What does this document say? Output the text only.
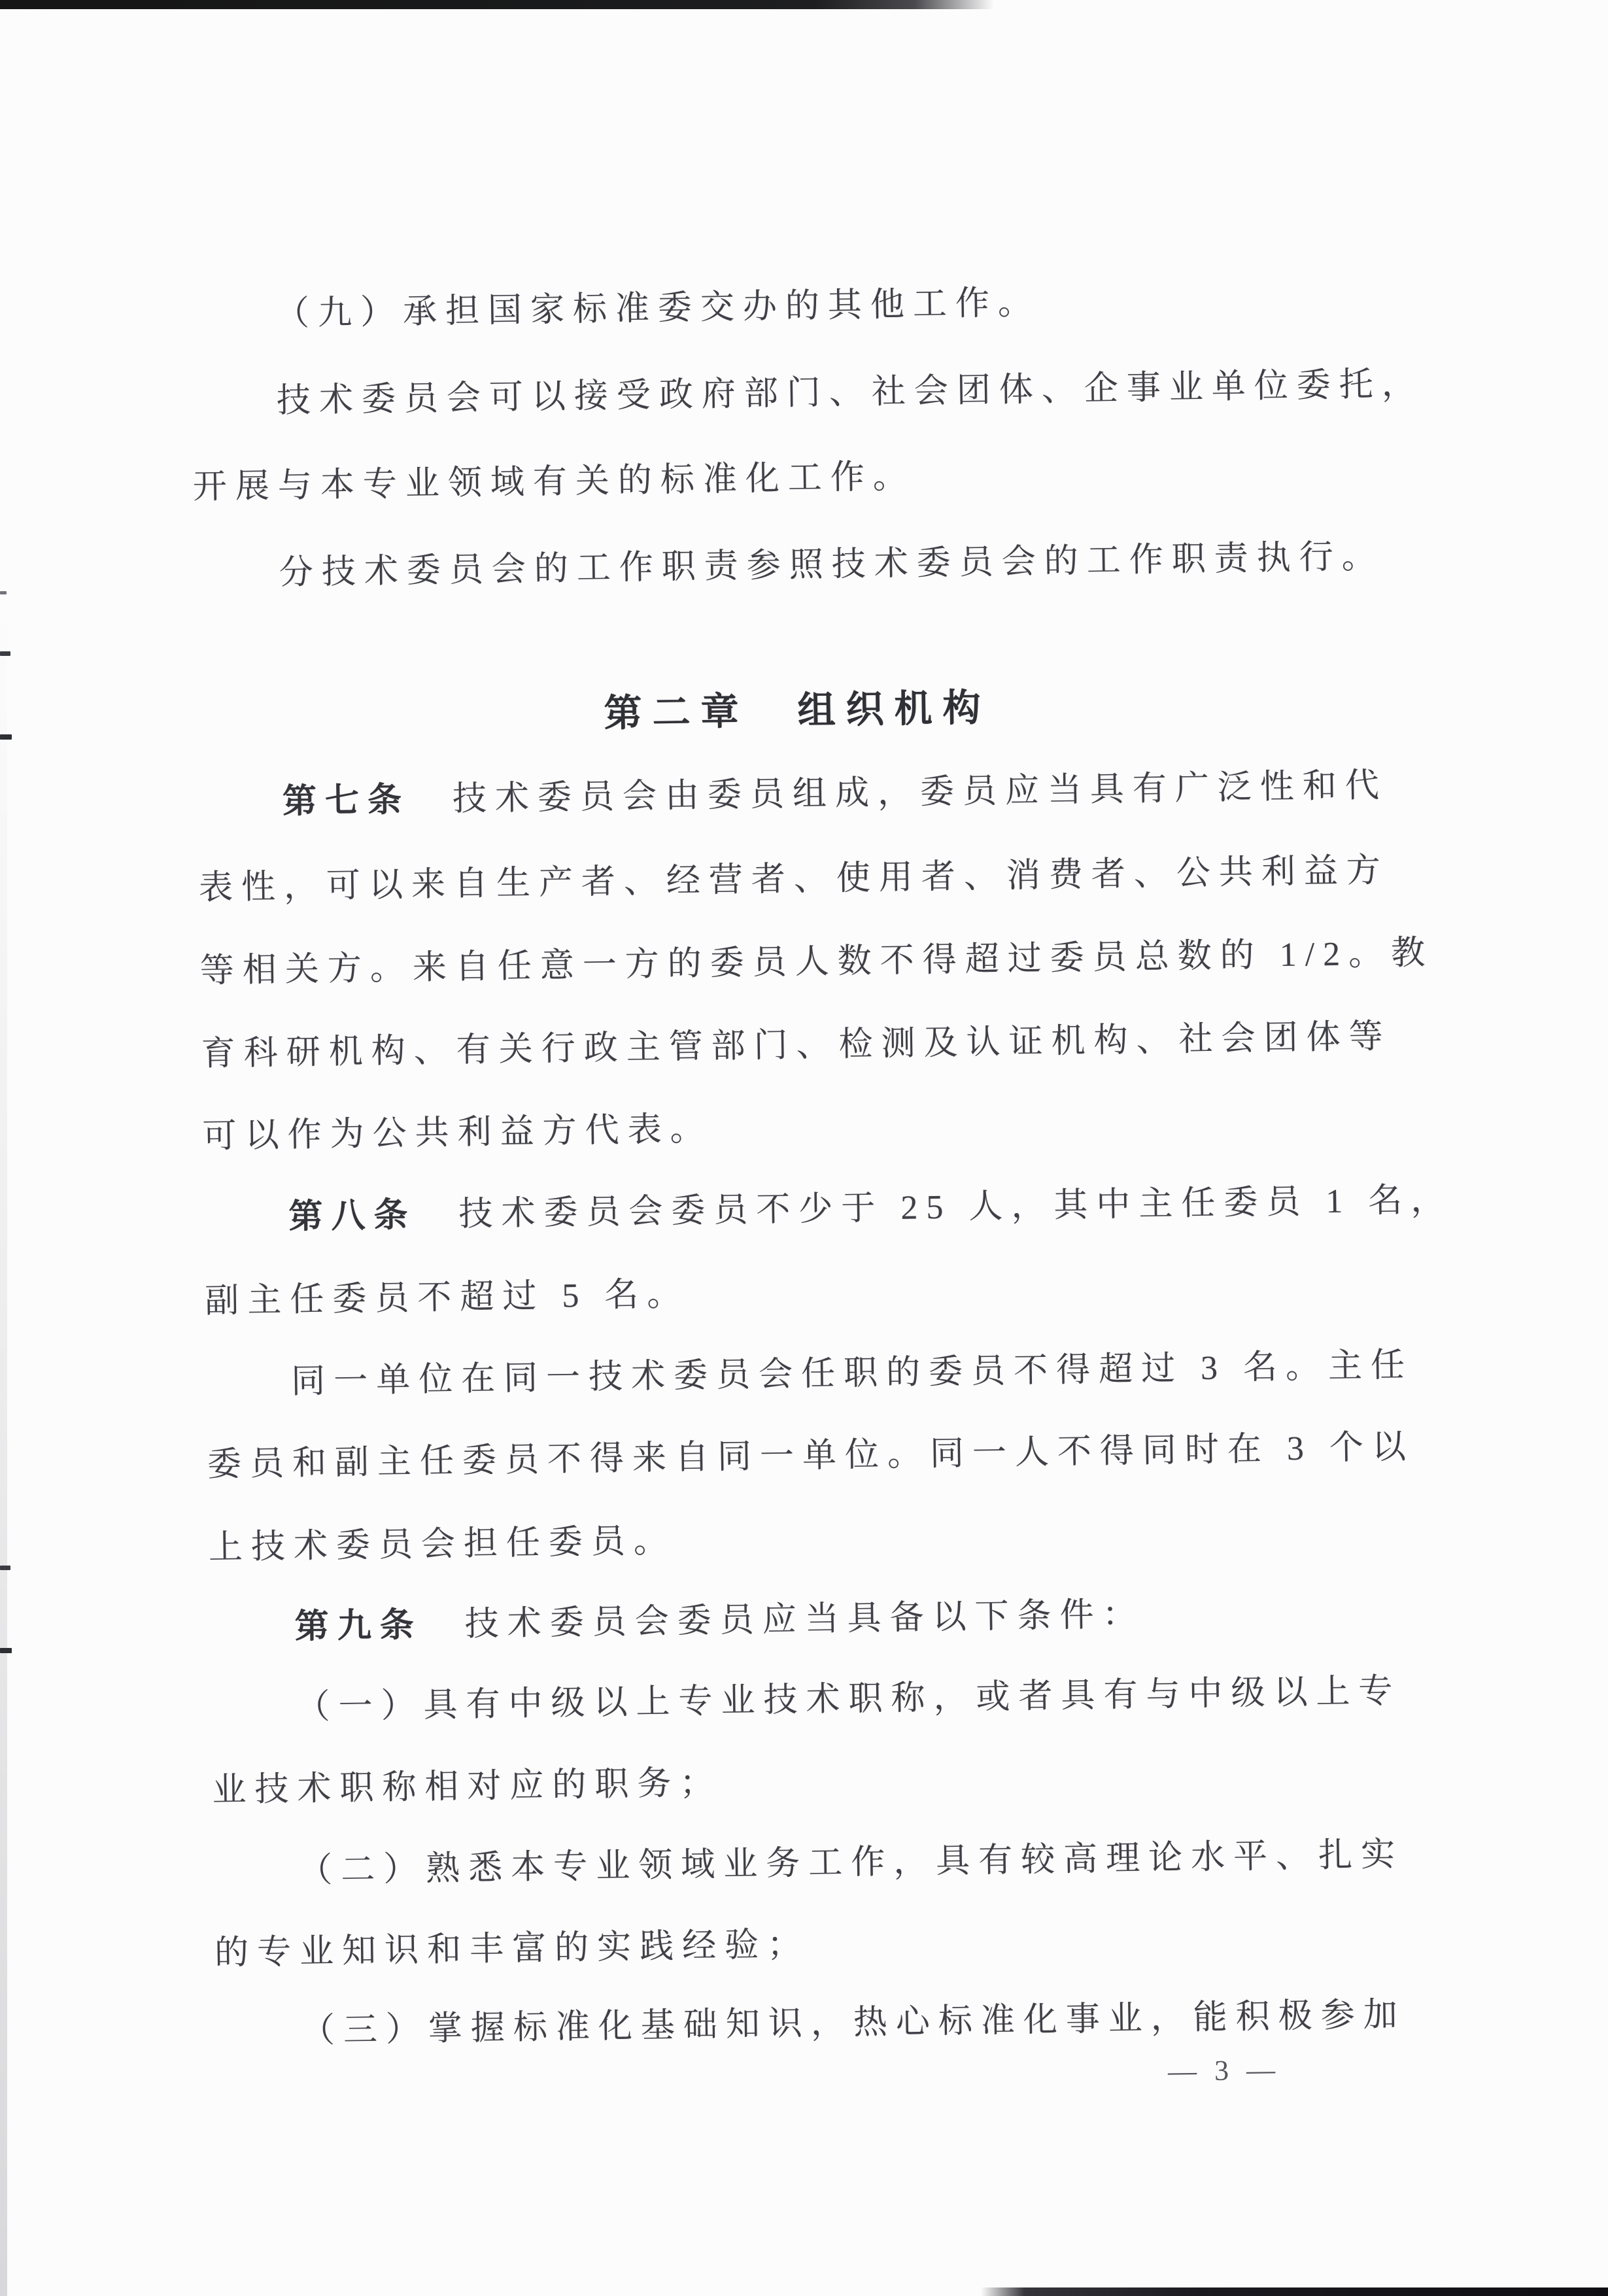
（九）承担国家标准委交办的其他工作。
技术委员会可以接受政府部门、社会团体、企事业单位委托，
开展与本专业领域有关的标准化工作。
分技术委员会的工作职责参照技术委员会的工作职责执行。
第二章　组织机构
第七条　技术委员会由委员组成，委员应当具有广泛性和代
表性，可以来自生产者、经营者、使用者、消费者、公共利益方
等相关方。来自任意一方的委员人数不得超过委员总数的 1/2。教
育科研机构、有关行政主管部门、检测及认证机构、社会团体等
可以作为公共利益方代表。
第八条　技术委员会委员不少于 25 人，其中主任委员 1 名，
副主任委员不超过 5 名。
同一单位在同一技术委员会任职的委员不得超过 3 名。主任
委员和副主任委员不得来自同一单位。同一人不得同时在 3 个以
上技术委员会担任委员。
第九条　技术委员会委员应当具备以下条件：
（一）具有中级以上专业技术职称，或者具有与中级以上专
业技术职称相对应的职务；
（二）熟悉本专业领域业务工作，具有较高理论水平、扎实
的专业知识和丰富的实践经验；
（三）掌握标准化基础知识，热心标准化事业，能积极参加
— 3 —
